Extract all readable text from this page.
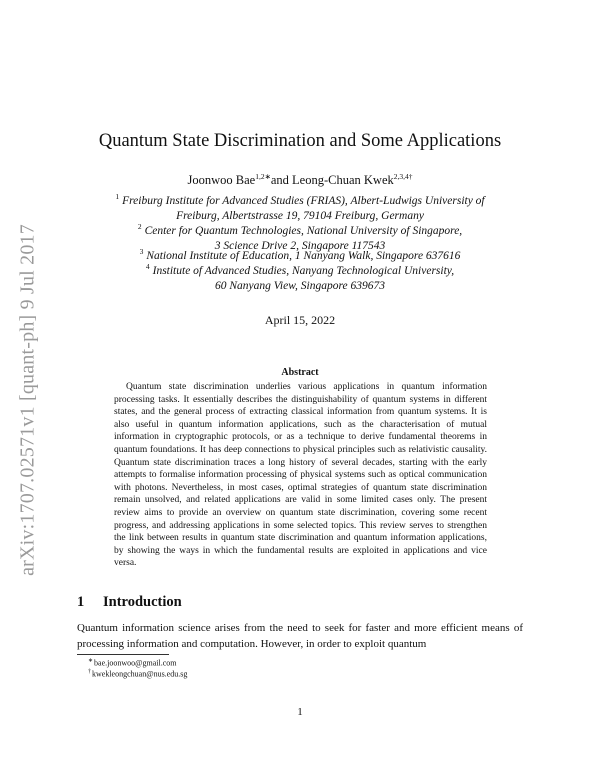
arXiv:1707.02571v1 [quant-ph] 9 Jul 2017
Quantum State Discrimination and Some Applications
Joonwoo Bae$^{1,2∗}$and Leong-Chuan Kwek$^{2,3,4\dagger}$
$^1$ Freiburg Institute for Advanced Studies (FRIAS), Albert-Ludwigs University of
Freiburg, Albertstrasse 19, 79104 Freiburg, Germany
$^2$ Center for Quantum Technologies, National University of Singapore,
3 Science Drive 2, Singapore 117543
$^3$ National Institute of Education, 1 Nanyang Walk, Singapore 637616
$^4$ Institute of Advanced Studies, Nanyang Technological University,
60 Nanyang View, Singapore 639673
April 15, 2022
Abstract
Quantum state discrimination underlies various applications in quantum information processing tasks. It essentially describes the distinguishability of quantum systems in different states, and the general process of extracting classical information from quantum systems. It is also useful in quantum information applications, such as the characterisation of mutual information in cryptographic protocols, or as a technique to derive fundamental theorems in quantum foundations. It has deep connections to physical principles such as relativistic causality. Quantum state discrimination traces a long history of several decades, starting with the early attempts to formalise information processing of physical systems such as optical communication with photons. Nevertheless, in most cases, optimal strategies of quantum state discrimination remain unsolved, and related applications are valid in some limited cases only. The present review aims to provide an overview on quantum state discrimination, covering some recent progress, and addressing applications in some selected topics. This review serves to strengthen the link between results in quantum state discrimination and quantum information applications, by showing the ways in which the fundamental results are exploited in applications and vice versa.
1 Introduction
Quantum information science arises from the need to seek for faster and more efficient means of processing information and computation. However, in order to exploit quantum
∗bae.joonwoo@gmail.com
†kwekleongchuan@nus.edu.sg
1
